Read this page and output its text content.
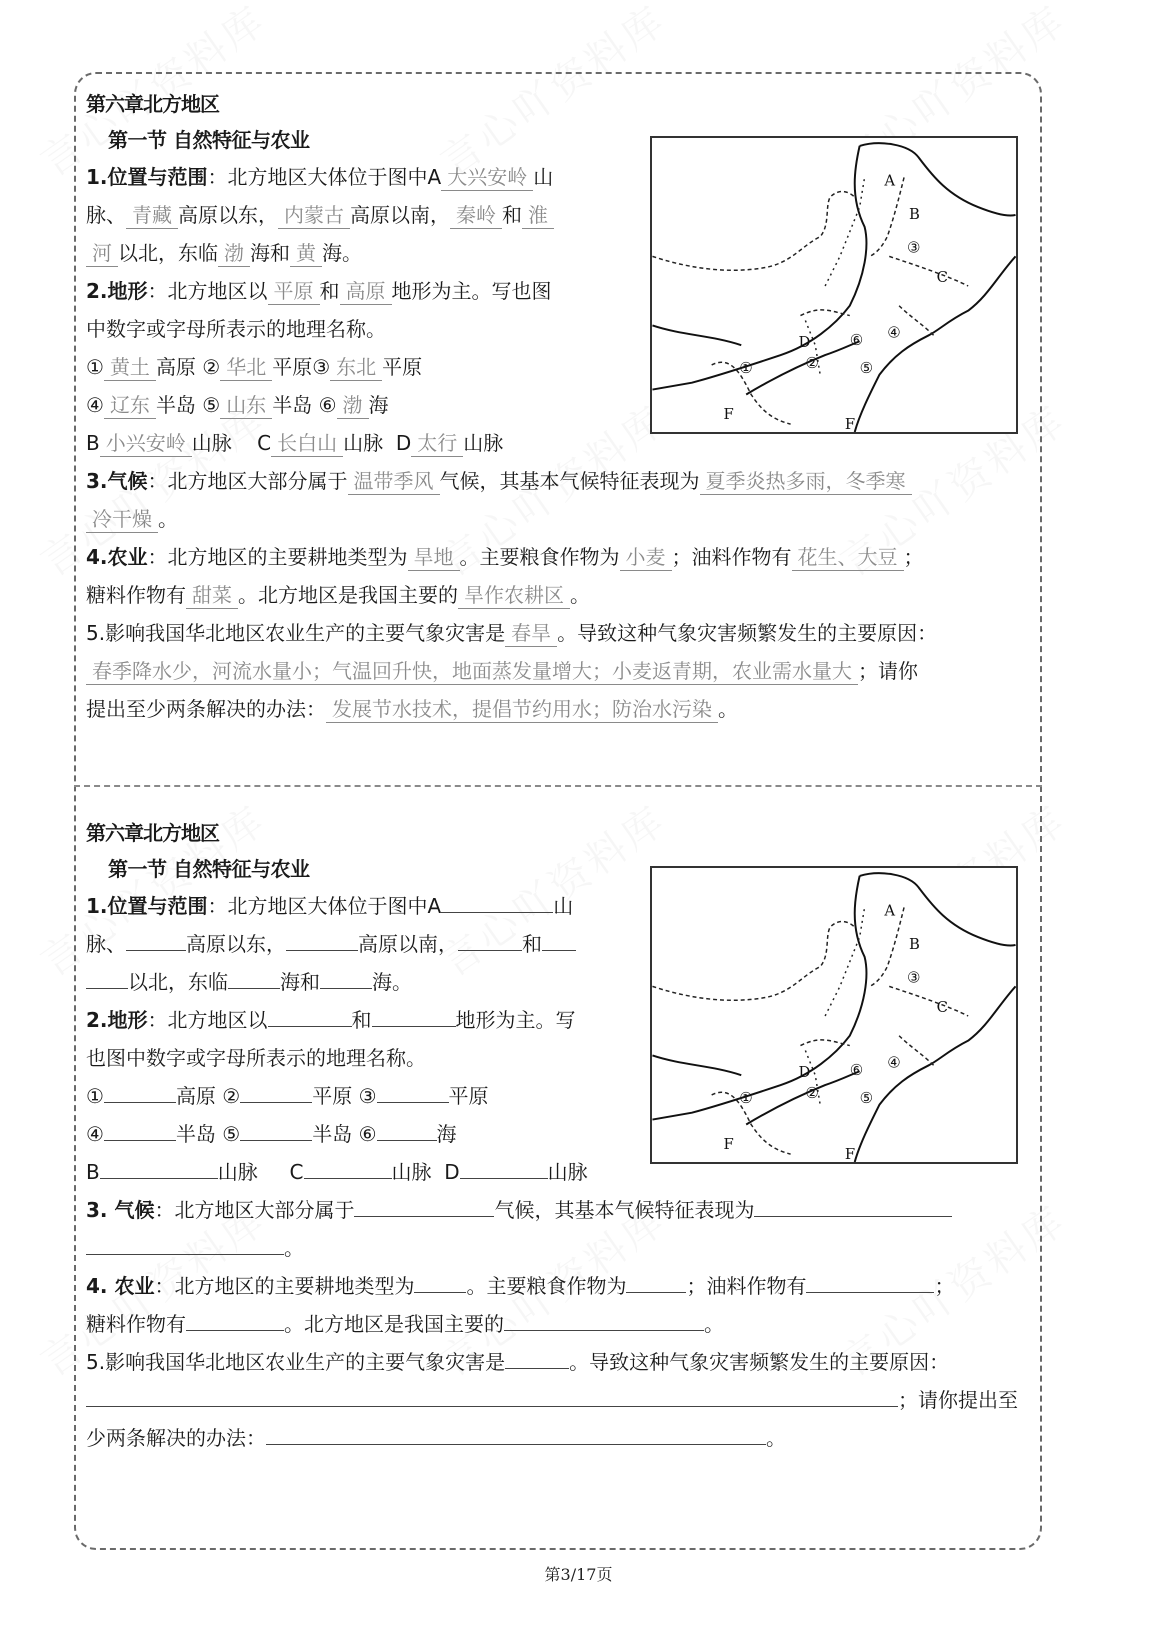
第六章北方地区
第一节 自然特征与农业
1.位置与范围：北方地区大体位于图中A 大兴安岭 山
脉、 青藏 高原以东， 内蒙古 高原以南， 秦岭 和 淮
河 以北，东临 渤 海和 黄 海。
2.地形：北方地区以 平原 和 高原 地形为主。写也图
中数字或字母所表示的地理名称。
① 黄土 高原 ② 华北 平原③ 东北 平原
④ 辽东 半岛 ⑤ 山东 半岛 ⑥ 渤 海
B 小兴安岭 山脉 C 长白山 山脉 D 太行 山脉
3.气候：北方地区大部分属于 温带季风 气候，其基本气候特征表现为 夏季炎热多雨，冬季寒
冷干燥 。
4.农业：北方地区的主要耕地类型为 旱地 。主要粮食作物为 小麦 ；油料作物有 花生、大豆 ；
糖料作物有 甜菜 。北方地区是我国主要的 旱作农耕区 。
5.影响我国华北地区农业生产的主要气象灾害是 春旱 。导致这种气象灾害频繁发生的主要原因：
春季降水少，河流水量小；气温回升快，地面蒸发量增大；小麦返青期，农业需水量大 ；请你
提出至少两条解决的办法： 发展节水技术，提倡节约用水；防治水污染 。
第六章北方地区
第一节 自然特征与农业
1.位置与范围：北方地区大体位于图中A	山
脉、	高原以东，	高原以南，	和
以北，东临	海和	海。
2.地形：北方地区以	和	地形为主。写
也图中数字或字母所表示的地理名称。
①	高原 ②	平原 ③	平原
④	半岛 ⑤	半岛 ⑥	海
B	山脉 C	山脉 D	山脉
3. 气候：北方地区大部分属于	气候，其基本气候特征表现为
。
4. 农业：北方地区的主要耕地类型为	。主要粮食作物为	；油料作物有	；
糖料作物有	。北方地区是我国主要的	。
5.影响我国华北地区农业生产的主要气象灾害是	。导致这种气象灾害频繁发生的主要原因：
；请你提出至
少两条解决的办法：	。
A
B
C
D
①	②
③
④
⑤
⑥
F
F
A
B
C
D
①	②
③
④
⑤
⑥
F
F
第3/17页
